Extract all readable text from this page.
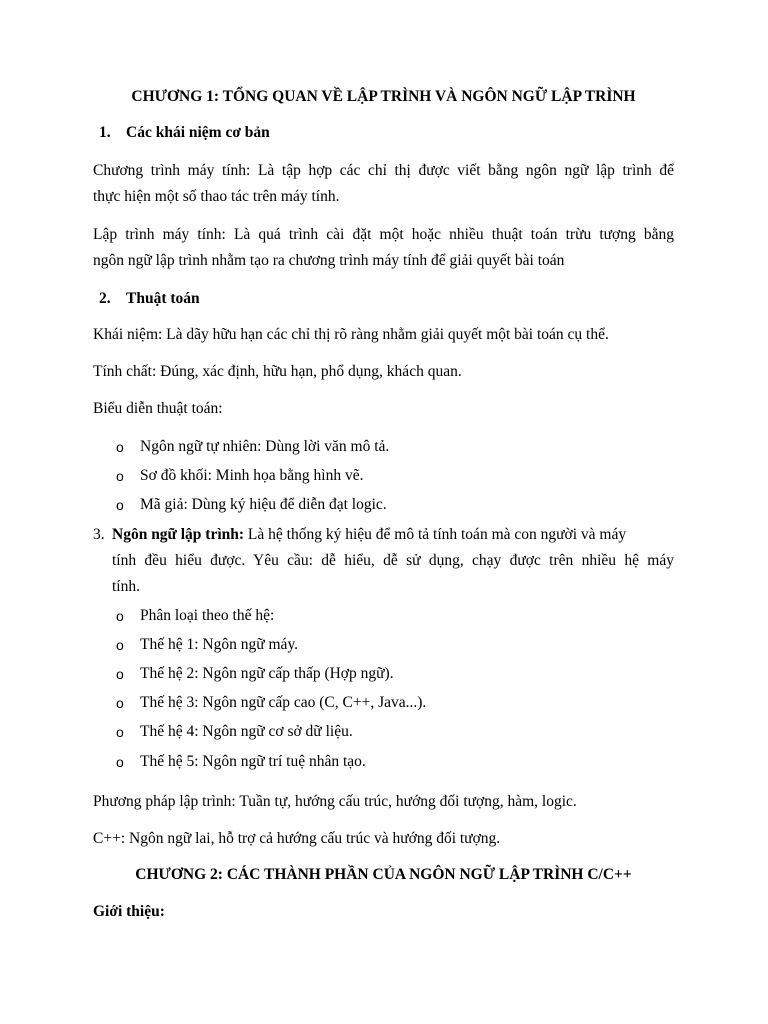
CHƯƠNG 1: TỔNG QUAN VỀ LẬP TRÌNH VÀ NGÔN NGỮ LẬP TRÌNH
1. Các khái niệm cơ bản
Chương trình máy tính: Là tập hợp các chỉ thị được viết bằng ngôn ngữ lập trình để
thực hiện một số thao tác trên máy tính.
Lập trình máy tính: Là quá trình cài đặt một hoặc nhiều thuật toán trừu tượng bằng
ngôn ngữ lập trình nhằm tạo ra chương trình máy tính để giải quyết bài toán
2. Thuật toán
Khái niệm: Là dãy hữu hạn các chỉ thị rõ ràng nhằm giải quyết một bài toán cụ thể.
Tính chất: Đúng, xác định, hữu hạn, phổ dụng, khách quan.
Biểu diễn thuật toán:
o Ngôn ngữ tự nhiên: Dùng lời văn mô tả.
o Sơ đồ khối: Minh họa bằng hình vẽ.
o Mã giả: Dùng ký hiệu để diễn đạt logic.
3. Ngôn ngữ lập trình: Là hệ thống ký hiệu để mô tả tính toán mà con người và máy
tính đều hiểu được. Yêu cầu: dễ hiểu, dễ sử dụng, chạy được trên nhiều hệ máy
tính.
o Phân loại theo thế hệ:
o Thế hệ 1: Ngôn ngữ máy.
o Thế hệ 2: Ngôn ngữ cấp thấp (Hợp ngữ).
o Thế hệ 3: Ngôn ngữ cấp cao (C, C++, Java...).
o Thế hệ 4: Ngôn ngữ cơ sở dữ liệu.
o Thế hệ 5: Ngôn ngữ trí tuệ nhân tạo.
Phương pháp lập trình: Tuần tự, hướng cấu trúc, hướng đối tượng, hàm, logic.
C++: Ngôn ngữ lai, hỗ trợ cả hướng cấu trúc và hướng đối tượng.
CHƯƠNG 2: CÁC THÀNH PHẦN CỦA NGÔN NGỮ LẬP TRÌNH C/C++
Giới thiệu:
